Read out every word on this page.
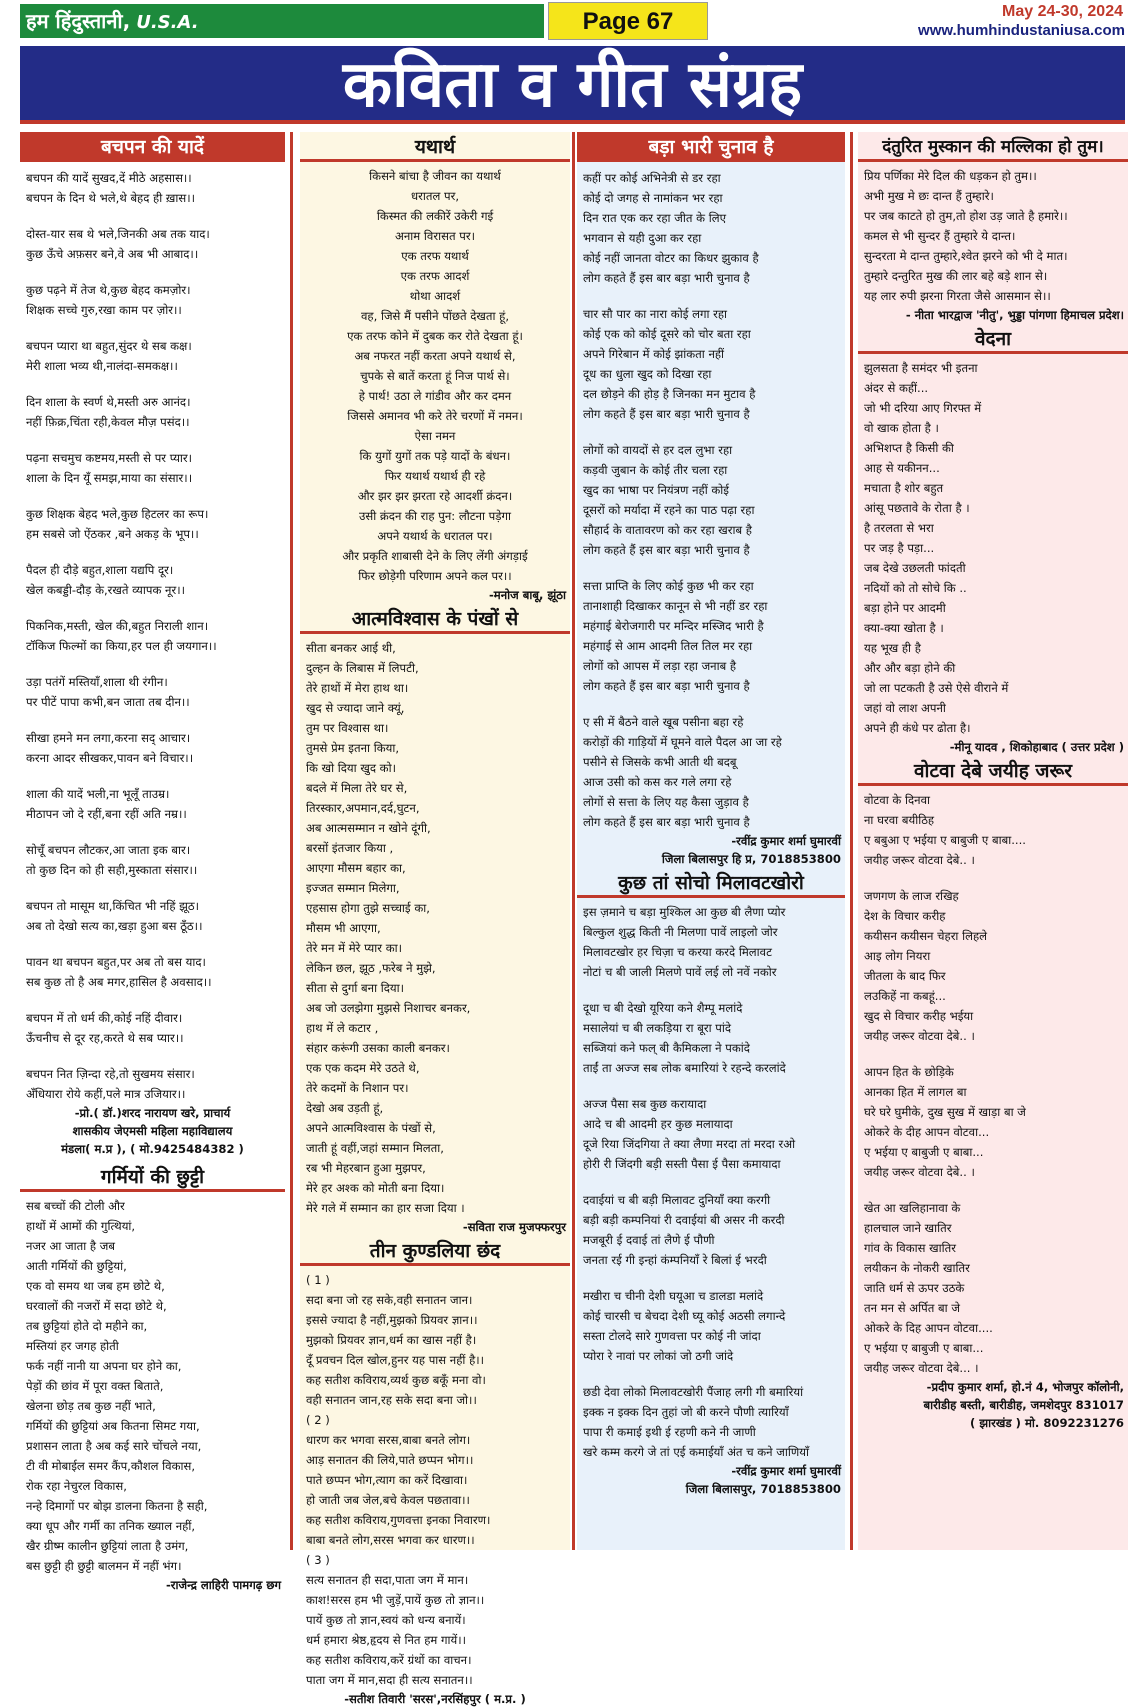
हम हिंदुस्तानी, U.S.A.	Page 67	May 24-30, 2024
www.humhindustaniusa.com
कविता व गीत संग्रह
बचपन की यादें
बचपन की यादें सुखद,दें मीठे अहसास।।
बचपन के दिन थे भले,थे बेहद ही ख़ास।।
दोस्त-यार सब थे भले,जिनकी अब तक याद।
कुछ ऊँचे अफ़सर बने,वे अब भी आबाद।।
कुछ पढ़ने में तेज थे,कुछ बेहद कमज़ोर।
शिक्षक सच्चे गुरु,रखा काम पर ज़ोर।।
बचपन प्यारा था बहुत,सुंदर थे सब कक्ष।
मेरी शाला भव्य थी,नालंदा-समकक्ष।।
दिन शाला के स्वर्ण थे,मस्ती अरु आनंद।
नहीं फ़िक्र,चिंता रही,केवल मौज़ पसंद।।
पढ़ना सचमुच कष्टमय,मस्ती से पर प्यार।
शाला के दिन यूँ समझ,माया का संसार।।
कुछ शिक्षक बेहद भले,कुछ हिटलर का रूप।
हम सबसे जो ऐंठकर ,बने अकड़ के भूप।।
पैदल ही दौड़े बहुत,शाला यद्यपि दूर।
खेल कबड्डी-दौड़ के,रखते व्यापक नूर।।
पिकनिक,मस्ती, खेल की,बहुत निराली शान।
टॉकिज फिल्मों का किया,हर पल ही जयगान।।
उड़ा पतंगें मस्तियाँ,शाला थी रंगीन।
पर पीटें पापा कभी,बन जाता तब दीन।।
सीखा हमने मन लगा,करना सद् आचार।
करना आदर सीखकर,पावन बने विचार।।
शाला की यादें भली,ना भूलूँ ताउम्र।
मीठापन जो दे रहीं,बना रहीं अति नम्र।।
सोचूँ बचपन लौटकर,आ जाता इक बार।
तो कुछ दिन को ही सही,मुस्काता संसार।।
बचपन तो मासूम था,किंचित भी नहिं झूठ।
अब तो देखो सत्य का,खड़ा हुआ बस ठूँठ।।
पावन था बचपन बहुत,पर अब तो बस याद।
सब कुछ तो है अब मगर,हासिल है अवसाद।।
बचपन में तो धर्म की,कोई नहिं दीवार।
ऊँचनीच से दूर रह,करते थे सब प्यार।।
बचपन नित ज़िन्दा रहे,तो सुखमय संसार।
अँधियारा रोये कहीं,पले मात्र उजियार।।
-प्रो.( डॉ.)शरद नारायण खरे, प्राचार्य
शासकीय जेएमसी महिला महाविद्यालय
मंडला( म.प्र ), ( मो.9425484382 )
गर्मियों की छुट्टी
सब बच्चों की टोली और
हाथों में आमों की गुत्थियां,
नजर आ जाता है जब
आती गर्मियों की छुट्टियां,
एक वो समय था जब हम छोटे थे,
घरवालों की नजरों में सदा छोटे थे,
तब छुट्टियां होते दो महीने का,
मस्तियां हर जगह होती
फर्क नहीं नानी या अपना घर होने का,
पेड़ों की छांव में पूरा वक्त बिताते,
खेलना छोड़ तब कुछ नहीं भाते,
गर्मियों की छुट्टियां अब कितना सिमट गया,
प्रशासन लाता है अब कई सारे चोंचले नया,
टी वी मोबाईल समर कैंप,कौशल विकास,
रोक रहा नेचुरल विकास,
नन्हे दिमागों पर बोझ डालना कितना है सही,
क्या धूप और गर्मी का तनिक ख्याल नहीं,
खैर ग्रीष्म कालीन छुट्टियां लाता है उमंग,
बस छुट्टी ही छुट्टी बालमन में नहीं भंग।
-राजेन्द्र लाहिरी पामगढ़ छग
यथार्थ
किसने बांचा है जीवन का यथार्थ
धरातल पर,
किस्मत की लकीरें उकेरी गई
अनाम विरासत पर।
एक तरफ यथार्थ
एक तरफ आदर्श
थोथा आदर्श
वह, जिसे मैं पसीने पोंछते देखता हूं,
एक तरफ कोने में दुबक कर रोते देखता हूं।
अब नफरत नहीं करता अपने यथार्थ से,
चुपके से बातें करता हूं निज पार्थ से।
हे पार्थ! उठा ले गांडीव और कर दमन
जिससे अमानव भी करे तेरे चरणों में नमन।
ऐसा नमन
कि युगों युगों तक पड़े यादों के बंधन।
फिर यथार्थ यथार्थ ही रहे
और झर झर झरता रहे आदर्शी क्रंदन।
उसी क्रंदन की राह पुन: लौटना पड़ेगा
अपने यथार्थ के धरातल पर।
और प्रकृति शाबासी देने के लिए लेंगी अंगड़ाई
फिर छोड़ेगी परिणाम अपने कल पर।।
-मनोज बाबू, झूंठा
आत्मविश्वास के पंखों से
सीता बनकर आई थी,
दुल्हन के लिबास में लिपटी,
तेरे हाथों में मेरा हाथ था।
खुद से ज्यादा जाने क्यूं,
तुम पर विश्वास था।
तुमसे प्रेम इतना किया,
कि खो दिया खुद को।
बदले में मिला तेरे घर से,
तिरस्कार,अपमान,दर्द,घुटन,
अब आत्मसम्मान न खोने दूंगी,
बरसों इंतजार किया ,
आएगा मौसम बहार का,
इज्जत सम्मान मिलेगा,
एहसास होगा तुझे सच्चाई का,
मौसम भी आएगा,
तेरे मन में मेरे प्यार का।
लेकिन छल, झूठ ,फरेब ने मुझे,
सीता से दुर्गा बना दिया।
अब जो उलझेगा मुझसे निशाचर बनकर,
हाथ में ले कटार ,
संहार करूंगी उसका काली बनकर।
एक एक कदम मेरे उठते थे,
तेरे कदमों के निशान पर।
देखो अब उड़ती हूं,
अपने आत्मविश्वास के पंखों से,
जाती हूं वहीं,जहां सम्मान मिलता,
रब भी मेहरबान हुआ मुझपर,
मेरे हर अश्क को मोती बना दिया।
मेरे गले में सम्मान का हार सजा दिया ।
-सविता राज मुजफ्फरपुर
तीन कुण्डलिया छंद
( 1 )
सदा बना जो रह सके,वही सनातन जान।
इससे ज्यादा है नहीं,मुझको प्रियवर ज्ञान।।
मुझको प्रियवर ज्ञान,धर्म का खास नहीं है।
दूँ प्रवचन दिल खोल,हुनर यह पास नहीं है।।
कह सतीश कविराय,व्यर्थ कुछ बकूँ मना वो।
वही सनातन जान,रह सके सदा बना जो।।
( 2 )
धारण कर भगवा सरस,बाबा बनते लोग।
आड़ सनातन की लिये,पाते छप्पन भोग।।
पाते छप्पन भोग,त्याग का करें दिखावा।
हो जाती जब जेल,बचे केवल पछतावा।।
कह सतीश कविराय,गुणवत्ता इनका निवारण।
बाबा बनते लोग,सरस भगवा कर धारण।।
( 3 )
सत्य सनातन ही सदा,पाता जग में मान।
काश!सरस हम भी जुड़ें,पायें कुछ तो ज्ञान।।
पायें कुछ तो ज्ञान,स्वयं को धन्य बनायें।
धर्म हमारा श्रेष्ठ,हृदय से नित हम गायें।।
कह सतीश कविराय,करें ग्रंथों का वाचन।
पाता जग में मान,सदा ही सत्य सनातन।।
-सतीश तिवारी 'सरस',नरसिंहपुर ( म.प्र. )
बड़ा भारी चुनाव है
कहीं पर कोई अभिनेत्री से डर रहा
कोई दो जगह से नामांकन भर रहा
दिन रात एक कर रहा जीत के लिए
भगवान से यही दुआ कर रहा
कोई नहीं जानता वोटर का किधर झुकाव है
लोग कहते हैं इस बार बड़ा भारी चुनाव है
चार सौ पार का नारा कोई लगा रहा
कोई एक को कोई दूसरे को चोर बता रहा
अपने गिरेबान में कोई झांकता नहीं
दूध का धुला खुद को दिखा रहा
दल छोड़ने की होड़ है जिनका मन मुटाव है
लोग कहते हैं इस बार बड़ा भारी चुनाव है
लोगों को वायदों से हर दल लुभा रहा
कड़वी जुबान के कोई तीर चला रहा
खुद का भाषा पर नियंत्रण नहीं कोई
दूसरों को मर्यादा में रहने का पाठ पढ़ा रहा
सौहार्द के वातावरण को कर रहा खराब है
लोग कहते हैं इस बार बड़ा भारी चुनाव है
सत्ता प्राप्ति के लिए कोई कुछ भी कर रहा
तानाशाही दिखाकर कानून से भी नहीं डर रहा
महंगाई बेरोजगारी पर मन्दिर मस्जिद भारी है
महंगाई से आम आदमी तिल तिल मर रहा
लोगों को आपस में लड़ा रहा जनाब है
लोग कहते हैं इस बार बड़ा भारी चुनाव है
ए सी में बैठने वाले खूब पसीना बहा रहे
करोड़ों की गाड़ियों में घूमने वाले पैदल आ जा रहे
पसीने से जिसके कभी आती थी बदबू
आज उसी को कस कर गले लगा रहे
लोगों से सत्ता के लिए यह कैसा जुड़ाव है
लोग कहते हैं इस बार बड़ा भारी चुनाव है
-रवींद्र कुमार शर्मा घुमारवीं
जिला बिलासपुर हि प्र, 7018853800
कुछ तां सोचो मिलावटखोरो
इस ज़माने च बड़ा मुश्किल आ कुछ बी लैणा प्योर
बिल्कुल शुद्ध किती नी मिलणा पावें लाइलो जोर
मिलावटखोर हर चिज़ा च करया करदे मिलावट
नोटां च बी जाली मिलणे पावें लई लो नवें नकोर
दूधा च बी देखो यूरिया कने शैम्पू मलांदे
मसालेयां च बी लकड़िया रा बूरा पांदे
सब्जियां कने फल् बी कैमिकला ने पकांदे
ताईं ता अज्ज सब लोक बमारियां रे रहन्दे करलांदे
अज्ज पैसा सब कुछ करायादा
आदे च बी आदमी हर कुछ मलायादा
दूजे रिया जिंदगिया ते क्या लैणा मरदा तां मरदा रओ
होरी री जिंदगी बड़ी सस्ती पैसा ई पैसा कमायादा
दवाईयां च बी बड़ी मिलावट दुनियाँ क्या करगी
बड़ी बड़ी कम्पनियां री दवाईयां बी असर नी करदी
मजबूरी ई दवाई तां लैणे ई पौणी
जनता रई गी इन्हां कंम्पनियाँ रे बिलां ई भरदी
मखीरा च चीनी देशी घयूआ च डालडा मलांदे
कोई चारसी च बेचदा देशी घ्यू कोई अठसी लगान्दे
सस्ता टोलदे सारे गुणवत्ता पर कोई नी जांदा
प्योरा रे नावां पर लोकां जो ठगी जांदे
छडी देवा लोको मिलावटखोरी पैंजाह लगी गी बमारियां
इक्क न इक्क दिन तुहां जो बी करने पौणी त्यारियाँ
पापा री कमाई इथी ई रहणी कने नी जाणी
खरे कम्म करगे जे तां एई कमाईयाँ अंत च कने जाणियाँ
-रवींद्र कुमार शर्मा घुमारवीं
जिला बिलासपुर, 7018853800
दंतुरित मुस्कान की मल्लिका हो तुम।
प्रिय पर्णिका मेरे दिल की धड़कन हो तुम।।
अभी मुख मे छः दान्त हैं तुम्हारे।
पर जब काटते हो तुम,तो होश उड़ जाते है हमारे।।
कमल से भी सुन्दर हैं तुम्हारे ये दान्त।
सुन्दरता मे दान्त तुम्हारे,श्वेत झरने को भी दे मात।
तुम्हारे दन्तुरित मुख की लार बहे बड़े शान से।
यह लार रुपी झरना गिरता जैसे आसमान से।।
- नीता भारद्वाज 'नीतु', भुड्डा पांगणा हिमाचल प्रदेश।
वेदना
झुलसता है समंदर भी इतना
अंदर से कहीं...
जो भी दरिया आए गिरफ्त में
वो खाक होता है ।
अभिशप्त है किसी की
आह से यकीनन...
मचाता है शोर बहुत
आंसू पछतावे के रोता है ।
है तरलता से भरा
पर जड़ है पड़ा...
जब देखे उछलती फांदती
नदियों को तो सोचे कि ..
बड़ा होने पर आदमी
क्या-क्या खोता है ।
यह भूख ही है
और और बड़ा होने की
जो ला पटकती है उसे ऐसे वीराने में
जहां वो लाश अपनी
अपने ही कंधे पर ढोता है।
-मीनू यादव , शिकोहाबाद ( उत्तर प्रदेश )
वोटवा देबे जयीह जरूर
वोटवा के दिनवा
ना घरवा बयीठिह
ए बबुआ ए भईया ए बाबुजी ए बाबा....
जयीह जरूर वोटवा देबे.. ।
जणगण के लाज रखिह
देश के विचार करीह
कयीसन कयीसन चेहरा लिहले
आइ लोग नियरा
जीतला के बाद फिर
लउकिहें ना कबहूं...
खुद से विचार करीह भईया
जयीह जरूर वोटवा देबे.. ।
आपन हित के छोड़िके
आनका हित में लागल बा
घरे घरे घुमीके, दुख सुख में खाड़ा बा जे
ओकरे के दीह आपन वोटवा...
ए भईया ए बाबुजी ए बाबा...
जयीह जरूर वोटवा देबे.. ।
खेत आ खलिहानावा के
हालचाल जाने खातिर
गांव के विकास खातिर
लयीकन के नोकरी खातिर
जाति धर्म से ऊपर उठके
तन मन से अर्पित बा जे
ओकरे के दिह आपन वोटवा....
ए भईया ए बाबुजी ए बाबा...
जयीह जरूर वोटवा देबे... ।
-प्रदीप कुमार शर्मा, हो.नं 4, भोजपुर कॉलोनी,
बारीडीह बस्ती, बारीडीह, जमशेदपुर 831017
( झारखंड ) मो. 8092231276
